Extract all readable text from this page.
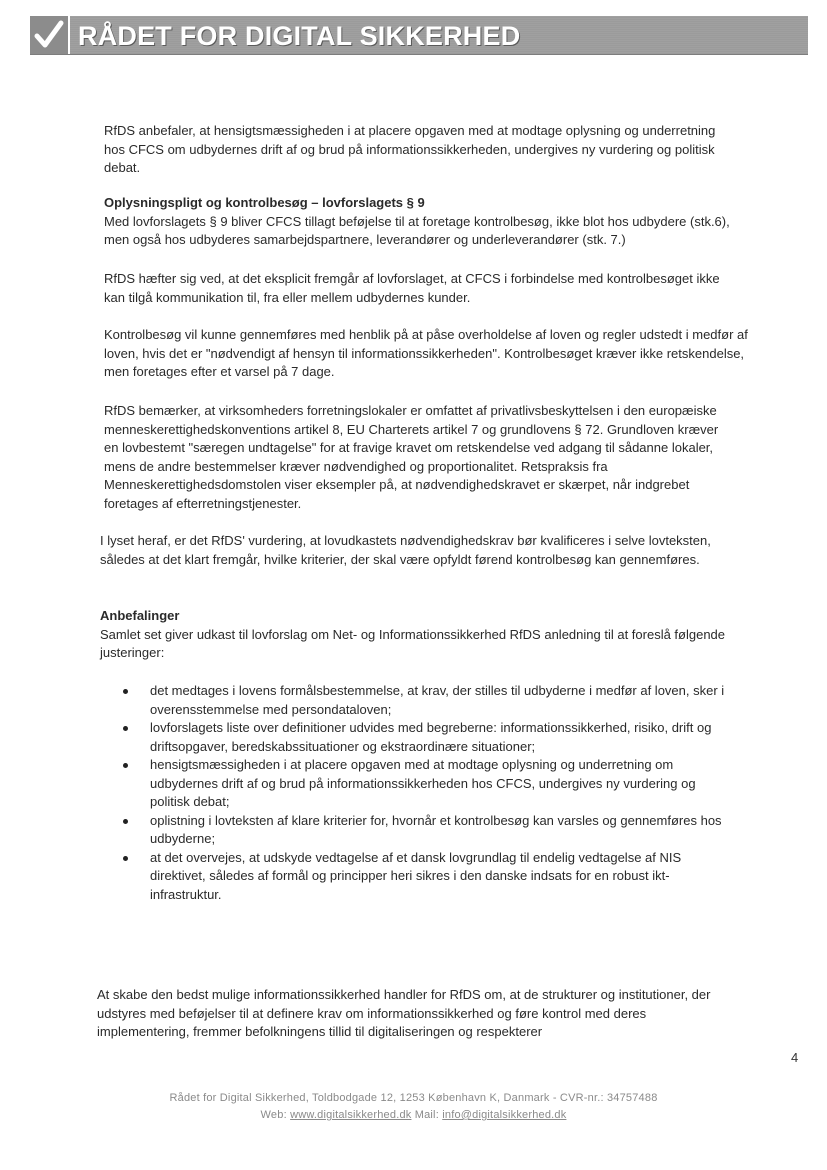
RÅDET FOR DIGITAL SIKKERHED
RfDS anbefaler, at hensigtsmæssigheden i at placere opgaven med at modtage oplysning og underretning hos CFCS om udbydernes drift af og brud på informationssikkerheden, undergives ny vurdering og politisk debat.
Oplysningspligt og kontrolbesøg – lovforslagets § 9
Med lovforslagets § 9 bliver CFCS tillagt beføjelse til at foretage kontrolbesøg, ikke blot hos udbydere (stk.6), men også hos udbyderes samarbejdspartnere, leverandører og underleverandører (stk. 7.)
RfDS hæfter sig ved, at det eksplicit fremgår af lovforslaget, at CFCS i forbindelse med kontrolbesøget ikke kan tilgå kommunikation til, fra eller mellem udbydernes kunder.
Kontrolbesøg vil kunne gennemføres med henblik på at påse overholdelse af loven og regler udstedt i medfør af loven, hvis det er "nødvendigt af hensyn til informationssikkerheden". Kontrolbesøget kræver ikke retskendelse, men foretages efter et varsel på 7 dage.
RfDS bemærker, at virksomheders forretningslokaler er omfattet af privatlivsbeskyttelsen i den europæiske menneskerettighedskonventions artikel 8, EU Charterets artikel 7 og grundlovens § 72. Grundloven kræver en lovbestemt "særegen undtagelse" for at fravige kravet om retskendelse ved adgang til sådanne lokaler, mens de andre bestemmelser kræver nødvendighed og proportionalitet. Retspraksis fra Menneskerettighedsdomstolen viser eksempler på, at nødvendighedskravet er skærpet, når indgrebet foretages af efterretningstjenester.
I lyset heraf, er det RfDS' vurdering, at lovudkastets nødvendighedskrav bør kvalificeres i selve lovteksten, således at det klart fremgår, hvilke kriterier, der skal være opfyldt førend kontrolbesøg kan gennemføres.
Anbefalinger
Samlet set giver udkast til lovforslag om Net- og Informationssikkerhed RfDS anledning til at foreslå følgende justeringer:
det medtages i lovens formålsbestemmelse, at krav, der stilles til udbyderne i medfør af loven, sker i overensstemmelse med persondataloven;
lovforslagets liste over definitioner udvides med begreberne: informationssikkerhed, risiko, drift og driftsopgaver, beredskabssituationer og ekstraordinære situationer;
hensigtsmæssigheden i at placere opgaven med at modtage oplysning og underretning om udbydernes drift af og brud på informationssikkerheden hos CFCS, undergives ny vurdering og politisk debat;
oplistning i lovteksten af klare kriterier for, hvornår et kontrolbesøg kan varsles og gennemføres hos udbyderne;
at det overvejes, at udskyde vedtagelse af et dansk lovgrundlag til endelig vedtagelse af NIS direktivet, således af formål og principper heri sikres i den danske indsats for en robust ikt-infrastruktur.
At skabe den bedst mulige informationssikkerhed handler for RfDS om, at de strukturer og institutioner, der udstyres med beføjelser til at definere krav om informationssikkerhed og føre kontrol med deres implementering, fremmer befolkningens tillid til digitaliseringen og respekterer
4
Rådet for Digital Sikkerhed, Toldbodgade 12, 1253 København K, Danmark - CVR-nr.: 34757488
Web: www.digitalsikkerhed.dk Mail: info@digitalsikkerhed.dk
